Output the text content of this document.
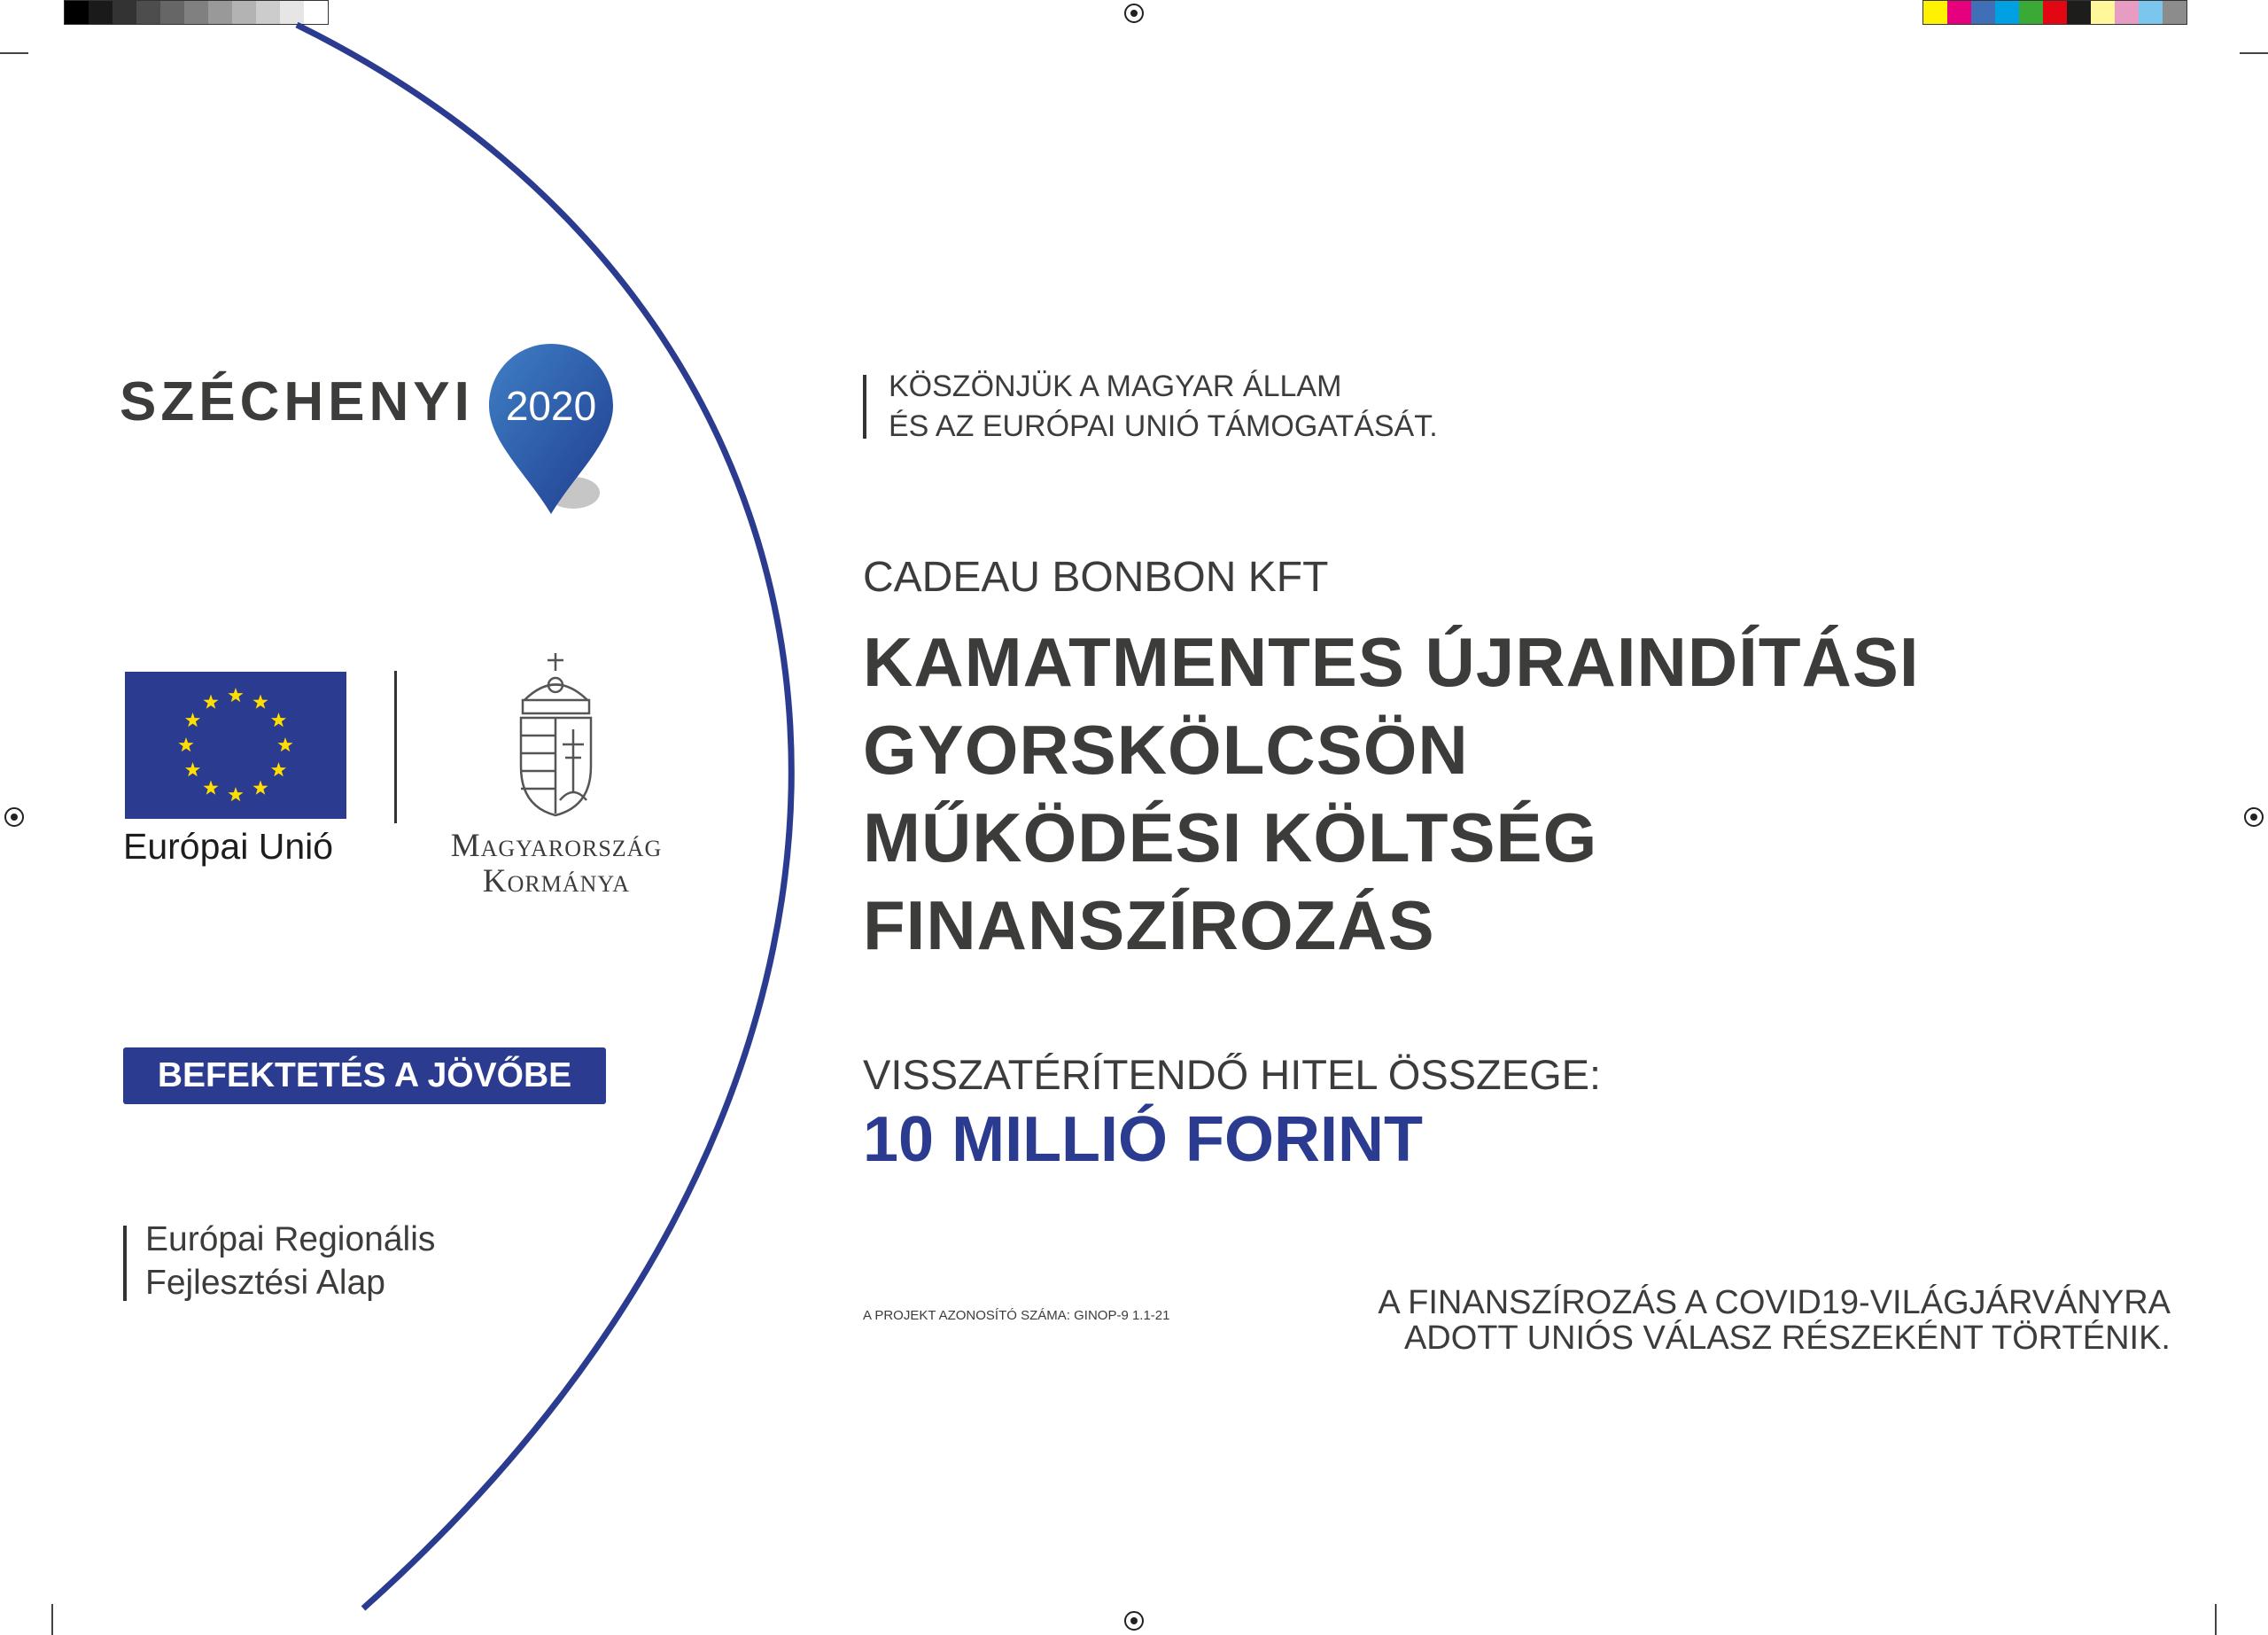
SZÉCHENYI 2020
Európai Unió	Magyarország
Kormánya
BEFEKTETÉS A JÖVŐBE
Európai Regionális
Fejlesztési Alap
KÖSZÖNJÜK A MAGYAR ÁLLAM
ÉS AZ EURÓPAI UNIÓ TÁMOGATÁSÁT.
CADEAU BONBON KFT
KAMATMENTES ÚJRAINDÍTÁSI
GYORSKÖLCSÖN
MŰKÖDÉSI KÖLTSÉG
FINANSZÍROZÁS
VISSZATÉRÍTENDŐ HITEL ÖSSZEGE:
10 MILLIÓ FORINT
A PROJEKT AZONOSÍTÓ SZÁMA: GINOP-9 1.1-21	A FINANSZÍROZÁS A COVID19-VILÁGJÁRVÁNYRA
ADOTT UNIÓS VÁLASZ RÉSZEKÉNT TÖRTÉNIK.
